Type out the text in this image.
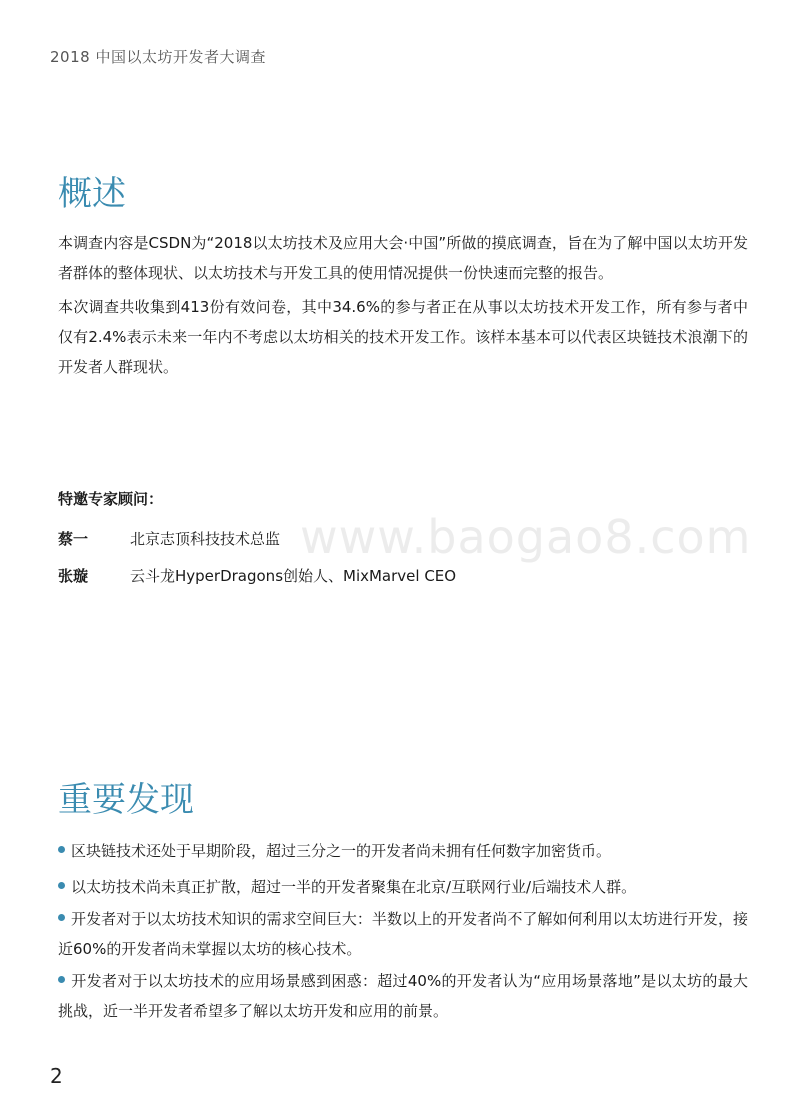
2018 中国以太坊开发者大调查
www.baogao8.com
概述

本调查内容是CSDN为“2018以太坊技术及应用大会·中国”所做的摸底调查，旨在为了解中国以太坊开发者群体的整体现状、以太坊技术与开发工具的使用情况提供一份快速而完整的报告。

本次调查共收集到413份有效问卷，其中34.6%的参与者正在从事以太坊技术开发工作，所有参与者中仅有2.4%表示未来一年内不考虑以太坊相关的技术开发工作。该样本基本可以代表区块链技术浪潮下的开发者人群现状。

特邀专家顾问：
蔡一	北京志顶科技技术总监
张璇	云斗龙HyperDragons创始人、MixMarvel CEO
重要发现

区块链技术还处于早期阶段，超过三分之一的开发者尚未拥有任何数字加密货币。

以太坊技术尚未真正扩散，超过一半的开发者聚集在北京/互联网行业/后端技术人群。

开发者对于以太坊技术知识的需求空间巨大：半数以上的开发者尚不了解如何利用以太坊进行开发，接近60%的开发者尚未掌握以太坊的核心技术。

开发者对于以太坊技术的应用场景感到困惑：超过40%的开发者认为“应用场景落地”是以太坊的最大挑战，近一半开发者希望多了解以太坊开发和应用的前景。

2
